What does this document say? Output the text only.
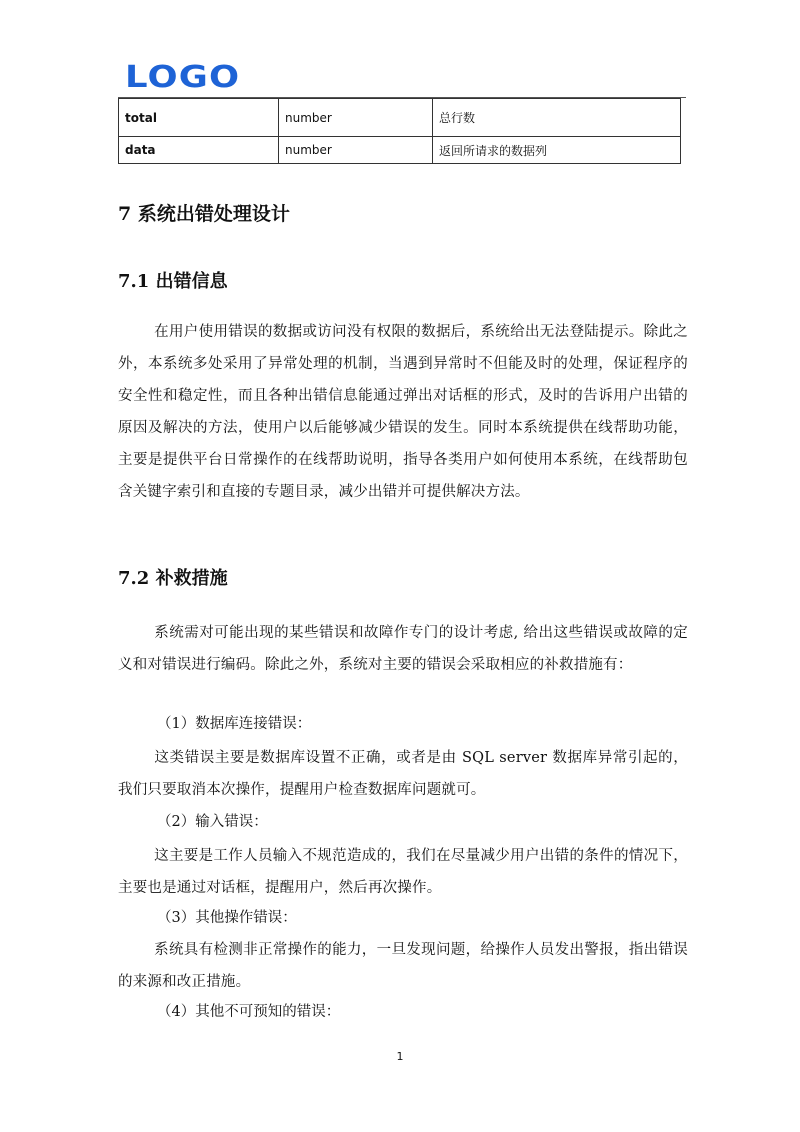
LOGO
total	number	总行数
data	number	返回所请求的数据列
7 系统出错处理设计
7.1 出错信息

在用户使用错误的数据或访问没有权限的数据后，系统给出无法登陆提示。除此之外，本系统多处采用了异常处理的机制，当遇到异常时不但能及时的处理，保证程序的安全性和稳定性，而且各种出错信息能通过弹出对话框的形式，及时的告诉用户出错的原因及解决的方法，使用户以后能够减少错误的发生。同时本系统提供在线帮助功能，主要是提供平台日常操作的在线帮助说明，指导各类用户如何使用本系统，在线帮助包含关键字索引和直接的专题目录，减少出错并可提供解决方法。

7.2 补救措施

系统需对可能出现的某些错误和故障作专门的设计考虑, 给出这些错误或故障的定义和对错误进行编码。除此之外，系统对主要的错误会采取相应的补救措施有：

（1）数据库连接错误：

这类错误主要是数据库设置不正确，或者是由 SQL server 数据库异常引起的，我们只要取消本次操作，提醒用户检查数据库问题就可。

（2）输入错误：

这主要是工作人员输入不规范造成的，我们在尽量减少用户出错的条件的情况下，主要也是通过对话框，提醒用户，然后再次操作。

（3）其他操作错误：

系统具有检测非正常操作的能力，一旦发现问题，给操作人员发出警报，指出错误的来源和改正措施。

（4）其他不可预知的错误：

1
